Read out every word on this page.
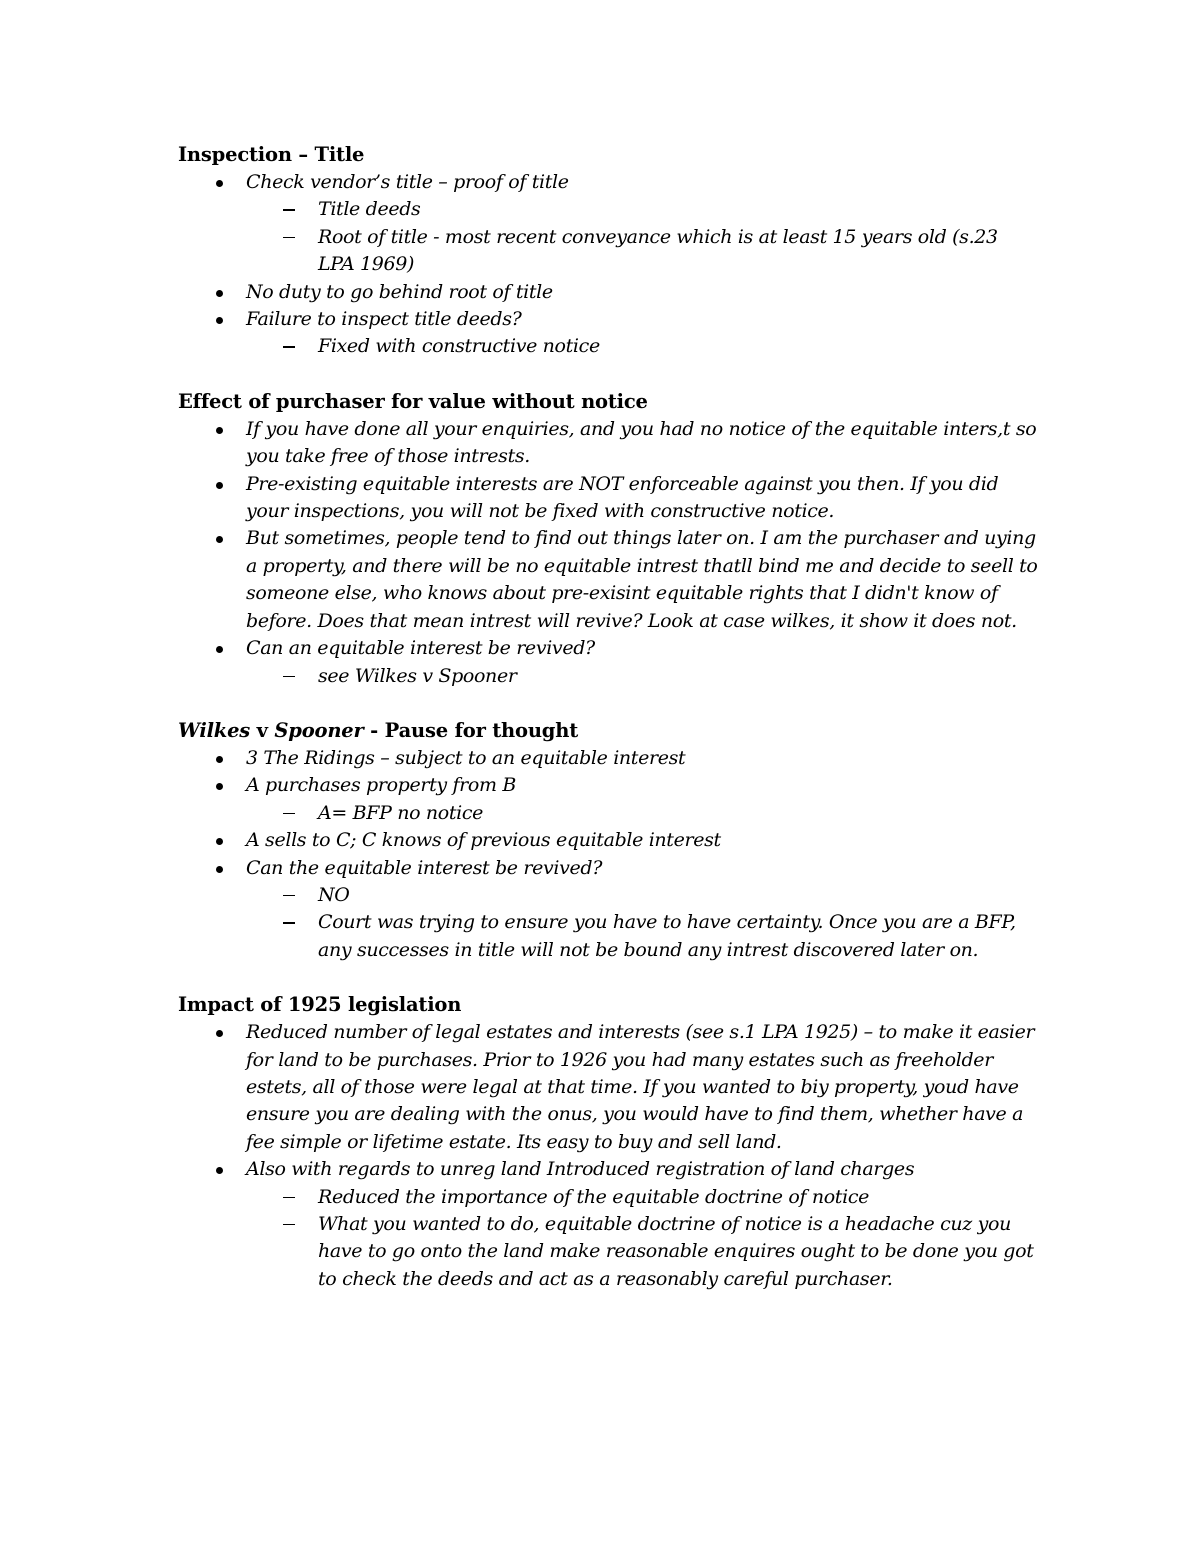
Inspection – Title
Check vendor’s title – proof of title
Title deeds
Root of title - most recent conveyance which is at least 15 years old (s.23 LPA 1969)
No duty to go behind root of title
Failure to inspect title deeds?
Fixed with constructive notice
Effect of purchaser for value without notice
If you have done all your enquiries, and you had no notice of the equitable inters,t so you take free of those intrests.
Pre-existing equitable interests are NOT enforceable against you then. If you did your inspections, you will not be fixed with constructive notice.
But sometimes, people tend to find out things later on. I am the purchaser and uying a property, and there will be no equitable intrest thatll bind me and decide to seell to someone else, who knows about pre-exisint equitable rights that I didn't know of before. Does that mean intrest will revive? Look at case wilkes, it show it does not.
Can an equitable interest be revived?
see Wilkes v Spooner
Wilkes v Spooner - Pause for thought
3 The Ridings – subject to an equitable interest
A purchases property from B
A= BFP no notice
A sells to C; C knows of previous equitable interest
Can the equitable interest be revived?
NO
Court was trying to ensure you have to have certainty. Once you are a BFP, any successes in title will not be bound any intrest discovered later on.
Impact of 1925 legislation
Reduced number of legal estates and interests (see s.1 LPA 1925) – to make it easier for land to be purchases. Prior to 1926 you had many estates such as freeholder estets, all of those were legal at that time. If you wanted to biy property, youd have ensure you are dealing with the onus, you would have to find them, whether have a fee simple or lifetime estate. Its easy to buy and sell land.
Also with regards to unreg land Introduced registration of land charges
Reduced the importance of the equitable doctrine of notice
What you wanted to do, equitable doctrine of notice is a headache cuz you have to go onto the land make reasonable enquires ought to be done you got to check the deeds and act as a reasonably careful purchaser.
